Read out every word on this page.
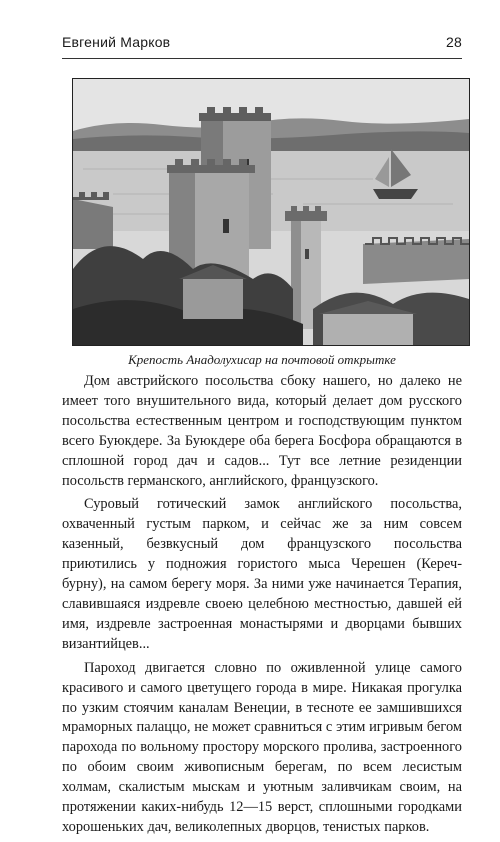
Евгений Марков	28
Крепость Анадолухисар на почтовой открытке

Дом австрийского посольства сбоку нашего, но далеко не имеет того внушительного вида, который делает дом русского посольства естественным центром и господствующим пунктом всего Буюкдере. За Буюкдере оба берега Босфора обращаются в сплошной город дач и садов... Тут все летние резиденции посольств германского, английского, французского.

Суровый готический замок английского посольства, охваченный густым парком, и сейчас же за ним совсем казенный, безвкусный дом французского посольства приютились у подножия гористого мыса Черешен (Кереч-бурну), на самом берегу моря. За ними уже начинается Терапия, славившаяся издревле своею целебною местностью, давшей ей имя, издревле застроенная монастырями и дворцами бывших византийцев...

Пароход двигается словно по оживленной улице самого красивого и самого цветущего города в мире. Никакая прогулка по узким стоячим каналам Венеции, в тесноте ее замшившихся мраморных палаццо, не может сравниться с этим игривым бегом парохода по вольному простору морского пролива, застроенного по обоим своим живописным берегам, по всем лесистым холмам, скалистым мыскам и уютным заливчикам своим, на протяжении каких-нибудь 12—15 верст, сплошными городками хорошеньких дач, великолепных дворцов, тенистых парков.
